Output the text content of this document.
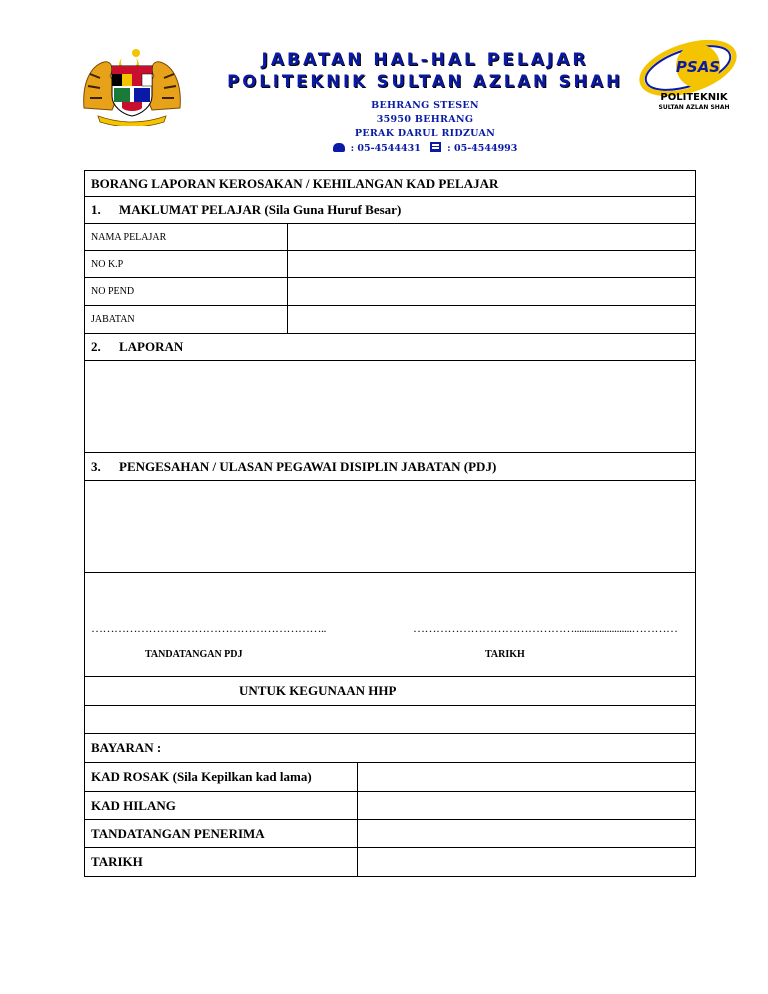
JABATAN HAL-HAL PELAJAR
POLITEKNIK SULTAN AZLAN SHAH
BEHRANG STESEN
35950 BEHRANG
PERAK DARUL RIDZUAN
: 05-4544431	: 05-4544993
PSAS
POLITEKNIK
SULTAN AZLAN SHAH
BORANG LAPORAN KEROSAKAN / KEHILANGAN KAD PELAJAR		
1. MAKLUMAT PELAJAR (Sila Guna Huruf Besar)		
NAMA PELAJAR		
NO K.P		
NO PEND		
JABATAN		
2. LAPORAN		

3. PENGESAHAN / ULASAN PEGAWAI DISIPLIN JABATAN (PDJ)		

…………………………………………………….. …………………………………….......................…………
TANDATANGAN PDJ TARIKH		

UNTUK KEGUNAAN HHP		

BAYARAN :		
KAD ROSAK (Sila Kepilkan kad lama)		
KAD HILANG		
TANDATANGAN PENERIMA		
TARIKH		
